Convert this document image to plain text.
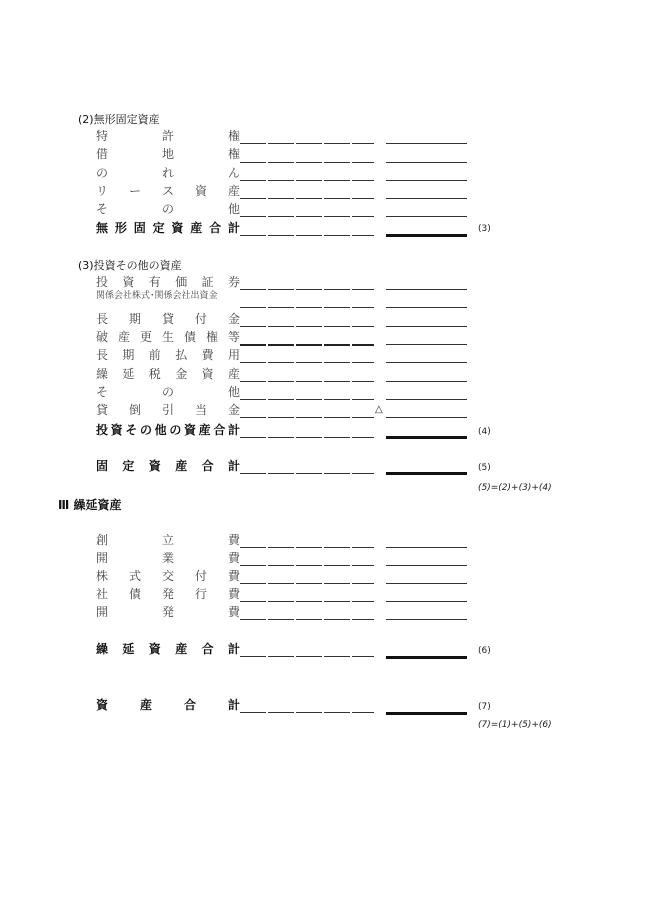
(2)無形固定資産
特　　　　許　　　　権
借　　　　地　　　　権
の　　　　れ　　　　ん
リ　ー　ス　資　産
そ　　　の　　　他
無形固定資産合計	(3)
(3)投資その他の資産
投　資　有　価　証　券
関係会社株式･関係会社出資金
長　期　貸　付　金
破産更生債権等
長　期　前　払　費　用
繰　延　税　金　資　産
そ　　　の　　　他
貸　倒　引　当　金	△
投資その他の資産合計	(4)
固　定　資　産　合　計	(5)
(5)=(2)+(3)+(4)
Ⅲ 繰延資産
創　　　　立　　　　費
開　　　　業　　　　費
株　式　交　付　費
社　債　発　行　費
開　　　　発　　　　費
繰　延　資　産　合　計	(6)
資　　産　　合　　計	(7)
(7)=(1)+(5)+(6)
